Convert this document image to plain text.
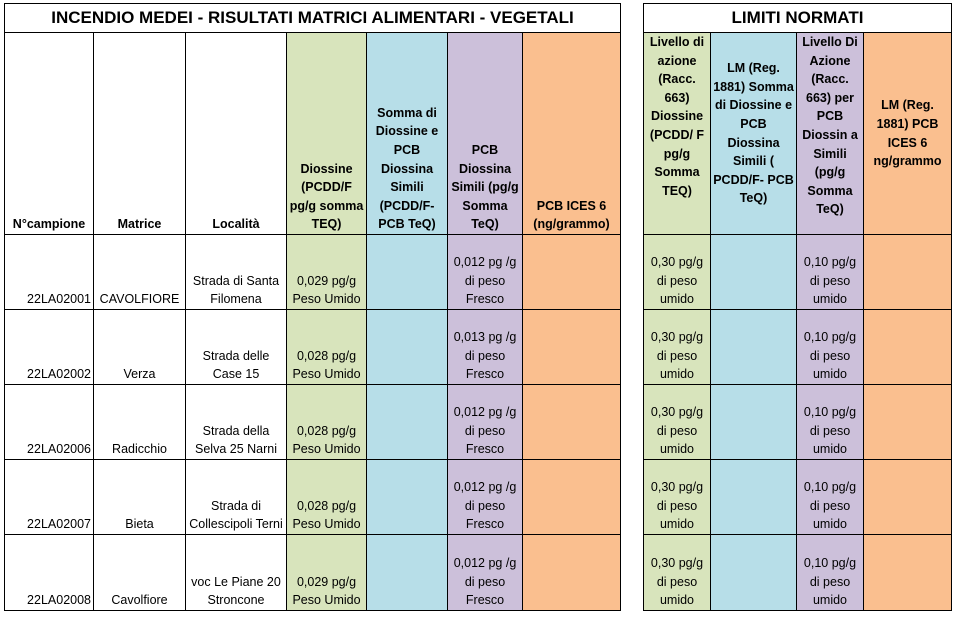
INCENDIO MEDEI - RISULTATI MATRICI ALIMENTARI - VEGETALI						
N°campione	Matrice	Località	Diossine (PCDD/F pg/g somma TEQ)	Somma di Diossine e PCB Diossina Simili (PCDD/F- PCB TeQ)	PCB Diossina Simili (pg/g Somma TeQ)	PCB ICES 6 (ng/grammo)
22LA02001	CAVOLFIORE	Strada di Santa Filomena	0,029 pg/g Peso Umido		0,012 pg /g di peso Fresco	
22LA02002	Verza	Strada delle Case 15	0,028 pg/g Peso Umido		0,013 pg /g di peso Fresco	
22LA02006	Radicchio	Strada della Selva 25 Narni	0,028 pg/g Peso Umido		0,012 pg /g di peso Fresco	
22LA02007	Bieta	Strada di Collescipoli Terni	0,028 pg/g Peso Umido		0,012 pg /g di peso Fresco	
22LA02008	Cavolfiore	voc Le Piane 20 Stroncone	0,029 pg/g Peso Umido		0,012 pg /g di peso Fresco	
LIMITI NORMATI			
Livello di azione (Racc. 663) Diossine (PCDD/ F pg/g Somma TEQ)	LM (Reg. 1881) Somma di Diossine e PCB Diossina Simili ( PCDD/F- PCB TeQ)	Livello Di Azione (Racc. 663) per PCB Diossin a Simili (pg/g Somma TeQ)	LM (Reg. 1881) PCB ICES 6 ng/grammo
0,30 pg/g di peso umido		0,10 pg/g di peso umido	
0,30 pg/g di peso umido		0,10 pg/g di peso umido	
0,30 pg/g di peso umido		0,10 pg/g di peso umido	
0,30 pg/g di peso umido		0,10 pg/g di peso umido	
0,30 pg/g di peso umido		0,10 pg/g di peso umido	
